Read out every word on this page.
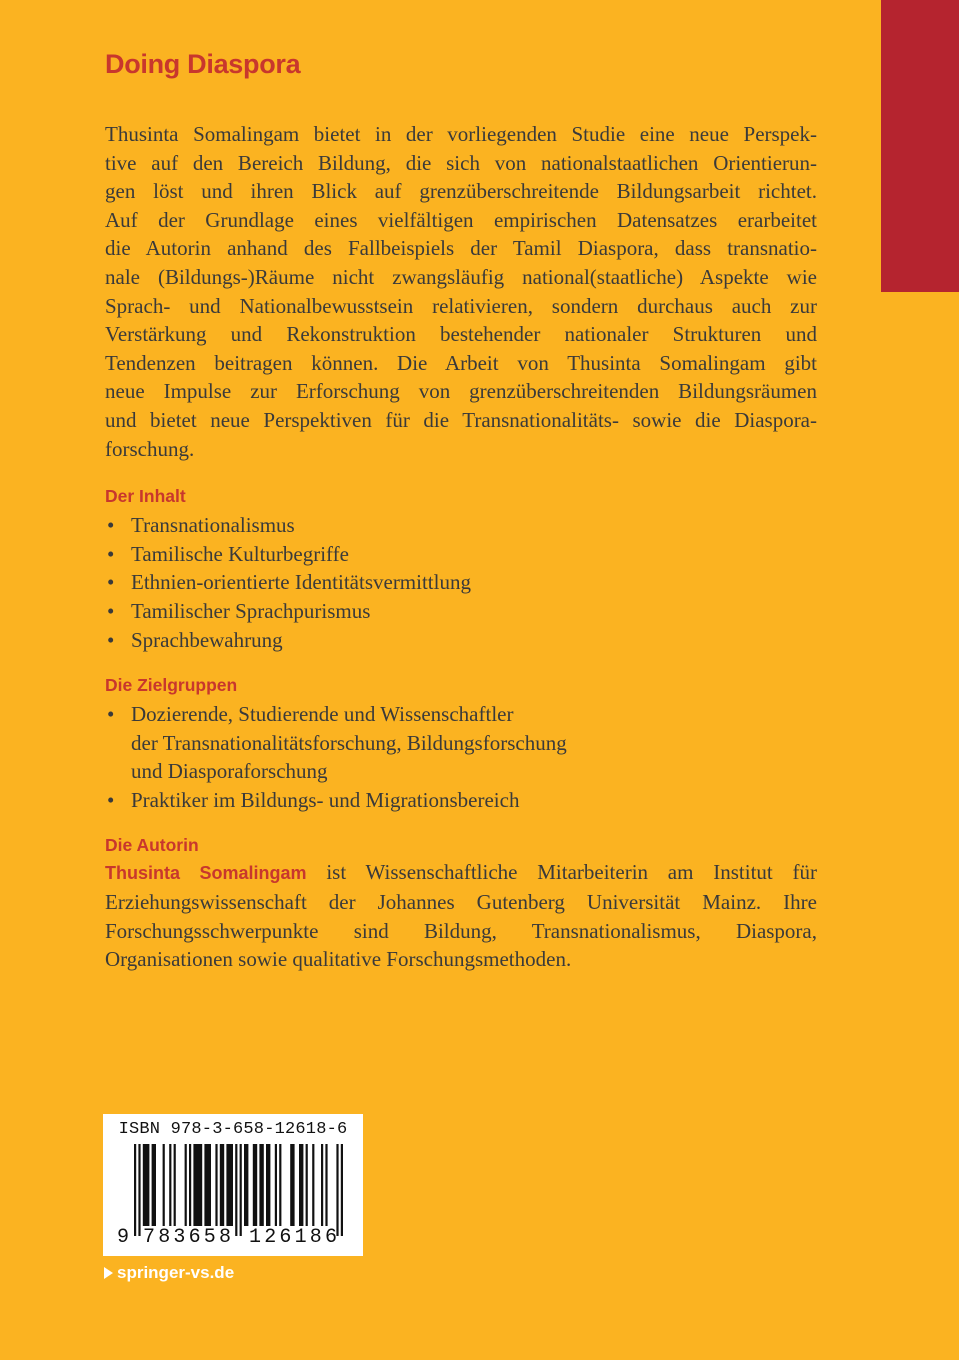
Doing Diaspora
Thusinta Somalingam bietet in der vorliegenden Studie eine neue Perspek-
tive auf den Bereich Bildung, die sich von nationalstaatlichen Orientierun-
gen löst und ihren Blick auf grenzüberschreitende Bildungsarbeit richtet.
Auf der Grundlage eines vielfältigen empirischen Datensatzes erarbeitet
die Autorin anhand des Fallbeispiels der Tamil Diaspora, dass transnatio-
nale (Bildungs-)Räume nicht zwangsläufig national(staatliche) Aspekte wie
Sprach- und Nationalbewusstsein relativieren, sondern durchaus auch zur
Verstärkung und Rekonstruktion bestehender nationaler Strukturen und
Tendenzen beitragen können. Die Arbeit von Thusinta Somalingam gibt
neue Impulse zur Erforschung von grenzüberschreitenden Bildungsräumen
und bietet neue Perspektiven für die Transnationalitäts- sowie die Diaspora-
forschung.
Der Inhalt
• Transnationalismus
• Tamilische Kulturbegriffe
• Ethnien-orientierte Identitätsvermittlung
• Tamilischer Sprachpurismus
• Sprachbewahrung
Die Zielgruppen
• Dozierende, Studierende und Wissenschaftler
der Transnationalitätsforschung, Bildungsforschung
und Diasporaforschung
• Praktiker im Bildungs- und Migrationsbereich
Die Autorin
Thusinta Somalingam ist Wissenschaftliche Mitarbeiterin am Institut für
Erziehungswissenschaft der Johannes Gutenberg Universität Mainz. Ihre
Forschungsschwerpunkte sind Bildung, Transnationalismus, Diaspora,
Organisationen sowie qualitative Forschungsmethoden.
ISBN 978-3-658-12618-6
9 783658 126186
springer-vs.de
